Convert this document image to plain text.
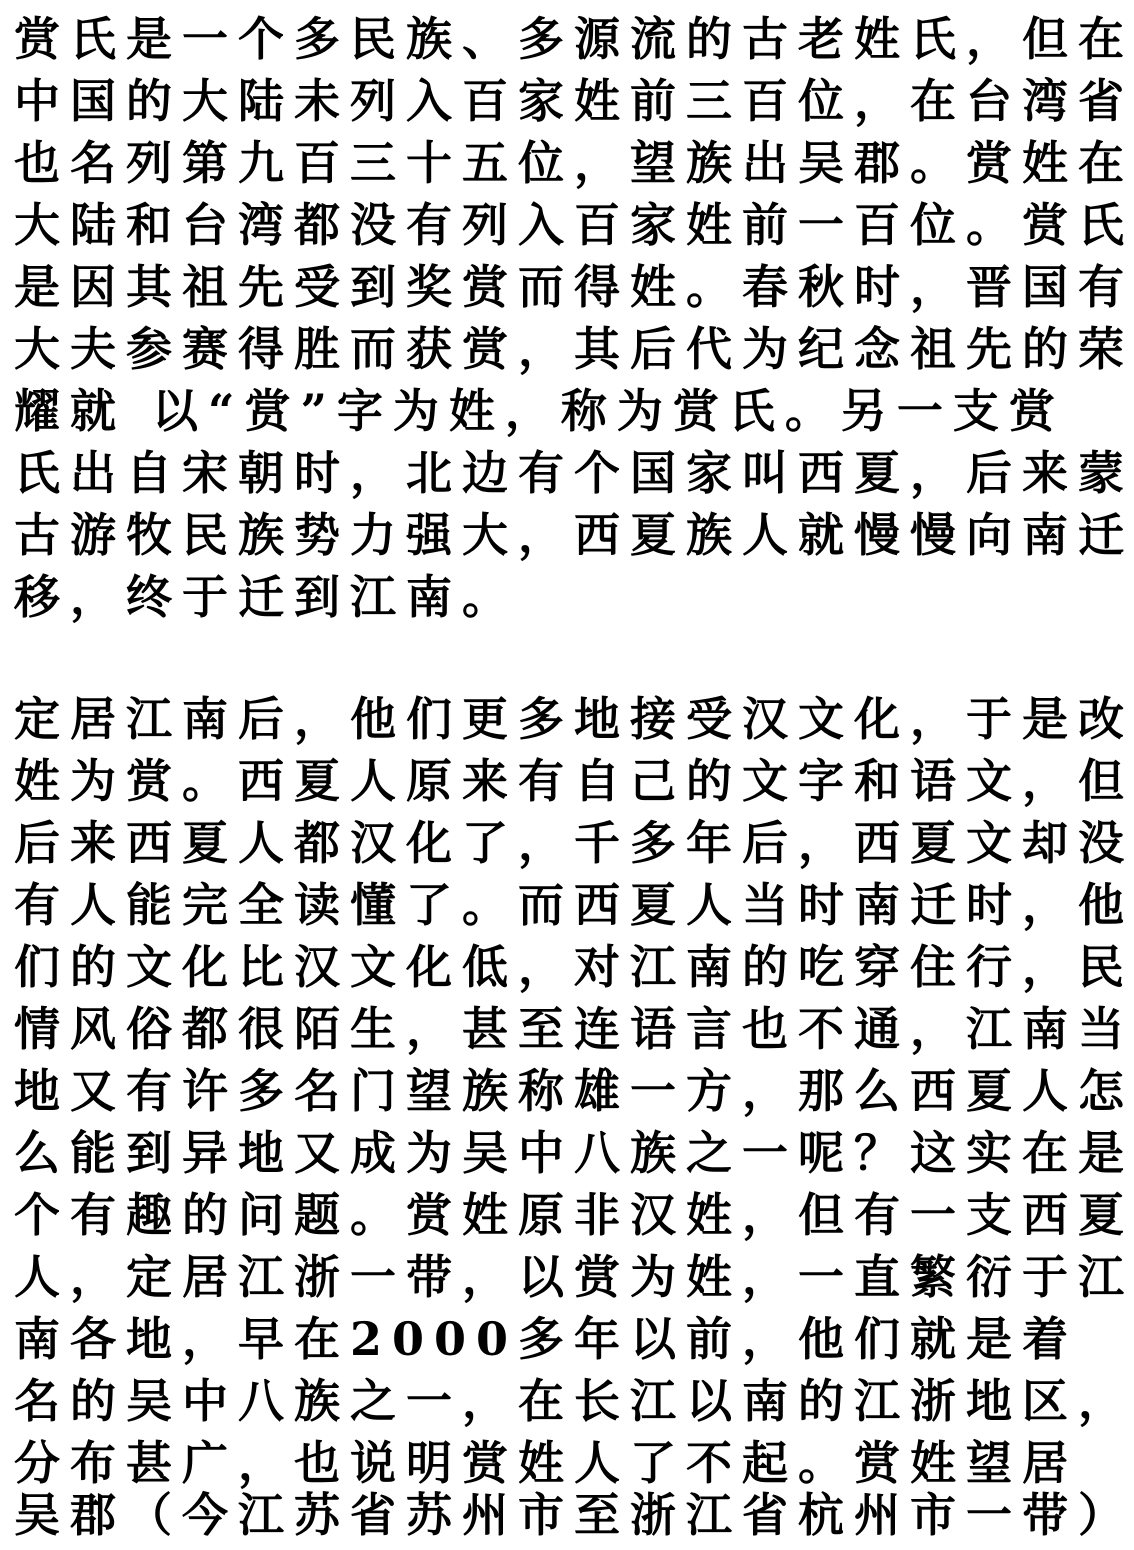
赏氏是一个多民族、多源流的古老姓氏，但在
中国的大陆未列入百家姓前三百位，在台湾省
也名列第九百三十五位，望族出吴郡。赏姓在
大陆和台湾都没有列入百家姓前一百位。赏氏
是因其祖先受到奖赏而得姓。春秋时，晋国有
大夫参赛得胜而获赏，其后代为纪念祖先的荣
耀就 以“赏”字为姓，称为赏氏。另一支赏
氏出自宋朝时，北边有个国家叫西夏，后来蒙
古游牧民族势力强大，西夏族人就慢慢向南迁
移，终于迁到江南。
定居江南后，他们更多地接受汉文化，于是改
姓为赏。西夏人原来有自己的文字和语文，但
后来西夏人都汉化了，千多年后，西夏文却没
有人能完全读懂了。而西夏人当时南迁时，他
们的文化比汉文化低，对江南的吃穿住行，民
情风俗都很陌生，甚至连语言也不通，江南当
地又有许多名门望族称雄一方，那么西夏人怎
么能到异地又成为吴中八族之一呢？这实在是
个有趣的问题。赏姓原非汉姓，但有一支西夏
人，定居江浙一带，以赏为姓，一直繁衍于江
南各地，早在2000多年以前，他们就是着
名的吴中八族之一，在长江以南的江浙地区，
分布甚广，也说明赏姓人了不起。赏姓望居
吴郡（今江苏省苏州市至浙江省杭州市一带）
